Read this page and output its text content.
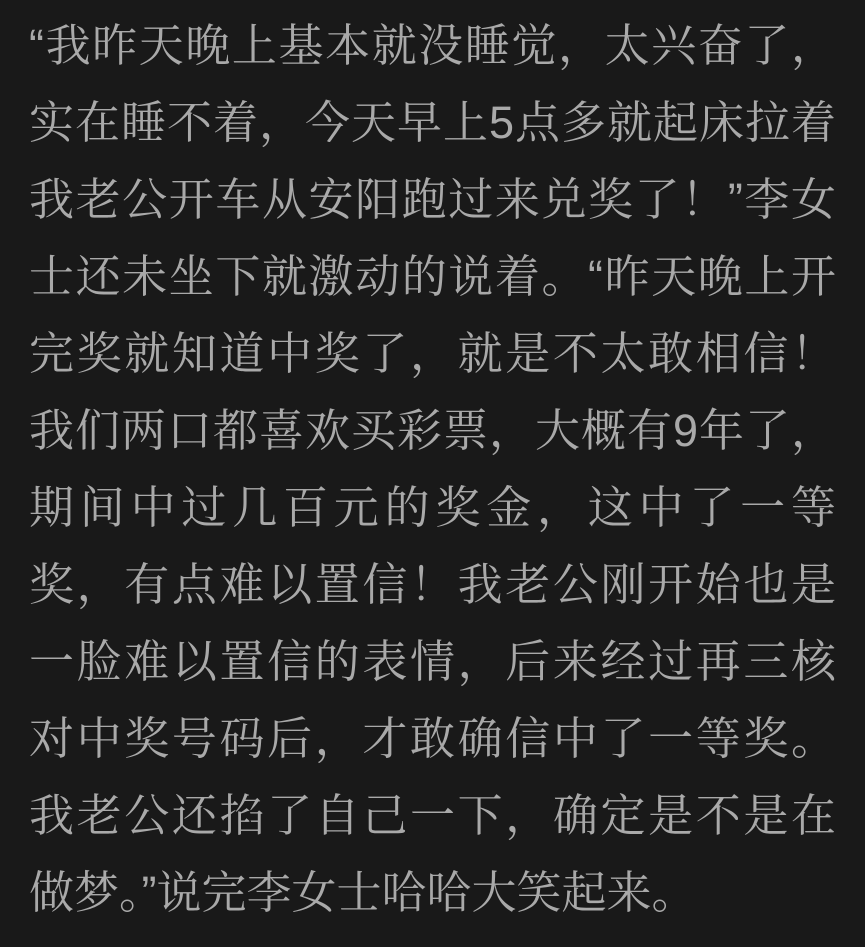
“我昨天晚上基本就没睡觉，太兴奋了，
实在睡不着，今天早上5点多就起床拉着
我老公开车从安阳跑过来兑奖了！”李女
士还未坐下就激动的说着。“昨天晚上开
完奖就知道中奖了，就是不太敢相信！
我们两口都喜欢买彩票，大概有9年了，
期间中过几百元的奖金，这中了一等
奖，有点难以置信！我老公刚开始也是
一脸难以置信的表情，后来经过再三核
对中奖号码后，才敢确信中了一等奖。
我老公还掐了自己一下，确定是不是在
做梦。”说完李女士哈哈大笑起来。
